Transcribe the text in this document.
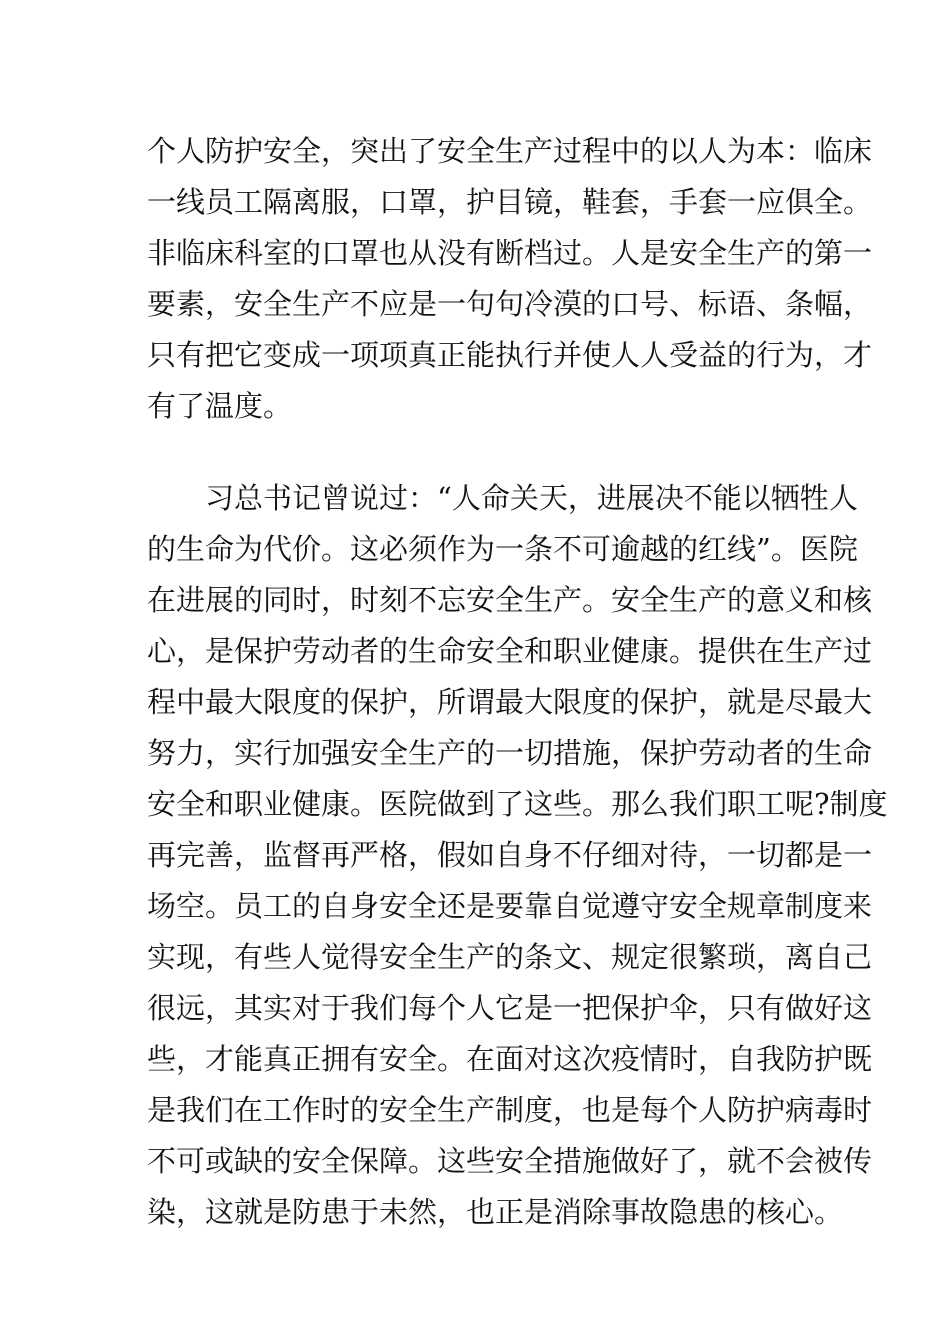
个人防护安全，突出了安全生产过程中的以人为本：临床
一线员工隔离服，口罩，护目镜，鞋套，手套一应俱全。
非临床科室的口罩也从没有断档过。人是安全生产的第一
要素，安全生产不应是一句句冷漠的口号、标语、条幅，
只有把它变成一项项真正能执行并使人人受益的行为，才
有了温度。

　　习总书记曾说过：“人命关天，进展决不能以牺牲人
的生命为代价。这必须作为一条不可逾越的红线”。医院
在进展的同时，时刻不忘安全生产。安全生产的意义和核
心，是保护劳动者的生命安全和职业健康。提供在生产过
程中最大限度的保护，所谓最大限度的保护，就是尽最大
努力，实行加强安全生产的一切措施，保护劳动者的生命
安全和职业健康。医院做到了这些。那么我们职工呢?制度
再完善，监督再严格，假如自身不仔细对待，一切都是一
场空。员工的自身安全还是要靠自觉遵守安全规章制度来
实现，有些人觉得安全生产的条文、规定很繁琐，离自己
很远，其实对于我们每个人它是一把保护伞，只有做好这
些，才能真正拥有安全。在面对这次疫情时，自我防护既
是我们在工作时的安全生产制度，也是每个人防护病毒时
不可或缺的安全保障。这些安全措施做好了，就不会被传
染，这就是防患于未然，也正是消除事故隐患的核心。
